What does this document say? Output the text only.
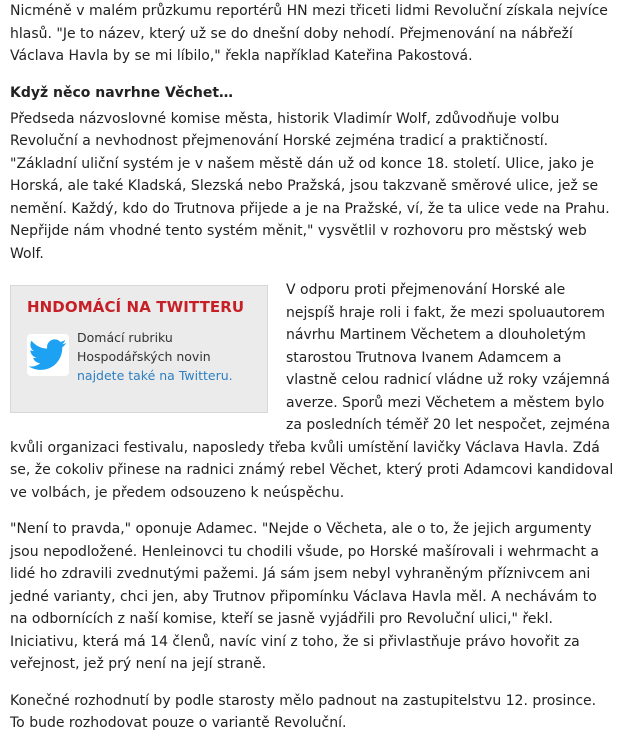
Nicméně v malém průzkumu reportérů HN mezi třiceti lidmi Revoluční získala nejvíce hlasů. "Je to název, který už se do dnešní doby nehodí. Přejmenování na nábřeží Václava Havla by se mi líbilo," řekla například Kateřina Pakostová.

Když něco navrhne Věchet…

Předseda názvoslovné komise města, historik Vladimír Wolf, zdůvodňuje volbu Revoluční a nevhodnost přejmenování Horské zejména tradicí a praktičností. "Základní uliční systém je v našem městě dán už od konce 18. století. Ulice, jako je Horská, ale také Kladská, Slezská nebo Pražská, jsou takzvaně směrové ulice, jež se nemění. Každý, kdo do Trutnova přijede a je na Pražské, ví, že ta ulice vede na Prahu. Nepřijde nám vhodné tento systém měnit," vysvětlil v rozhovoru pro městský web Wolf.

HNDOMÁCÍ NA TWITTERU
Domácí rubriku Hospodářských novin
najdete také na Twitteru.

V odporu proti přejmenování Horské ale nejspíš hraje roli i fakt, že mezi spoluautorem návrhu Martinem Věchetem a dlouholetým starostou Trutnova Ivanem Adamcem a vlastně celou radnicí vládne už roky vzájemná averze. Sporů mezi Věchetem a městem bylo za posledních téměř 20 let nespočet, zejména kvůli organizaci festivalu, naposledy třeba kvůli umístění lavičky Václava Havla. Zdá se, že cokoliv přinese na radnici známý rebel Věchet, který proti Adamcovi kandidoval ve volbách, je předem odsouzeno k neúspěchu.

"Není to pravda," oponuje Adamec. "Nejde o Věcheta, ale o to, že jejich argumenty jsou nepodložené. Henleinovci tu chodili všude, po Horské mašírovali i wehrmacht a lidé ho zdravili zvednutými pažemi. Já sám jsem nebyl vyhraněným příznivcem ani jedné varianty, chci jen, aby Trutnov připomínku Václava Havla měl. A nechávám to na odbornících z naší komise, kteří se jasně vyjádřili pro Revoluční ulici," řekl. Iniciativu, která má 14 členů, navíc viní z toho, že si přivlastňuje právo hovořit za veřejnost, jež prý není na její straně.

Konečné rozhodnutí by podle starosty mělo padnout na zastupitelstvu 12. prosince. To bude rozhodovat pouze o variantě Revoluční.
